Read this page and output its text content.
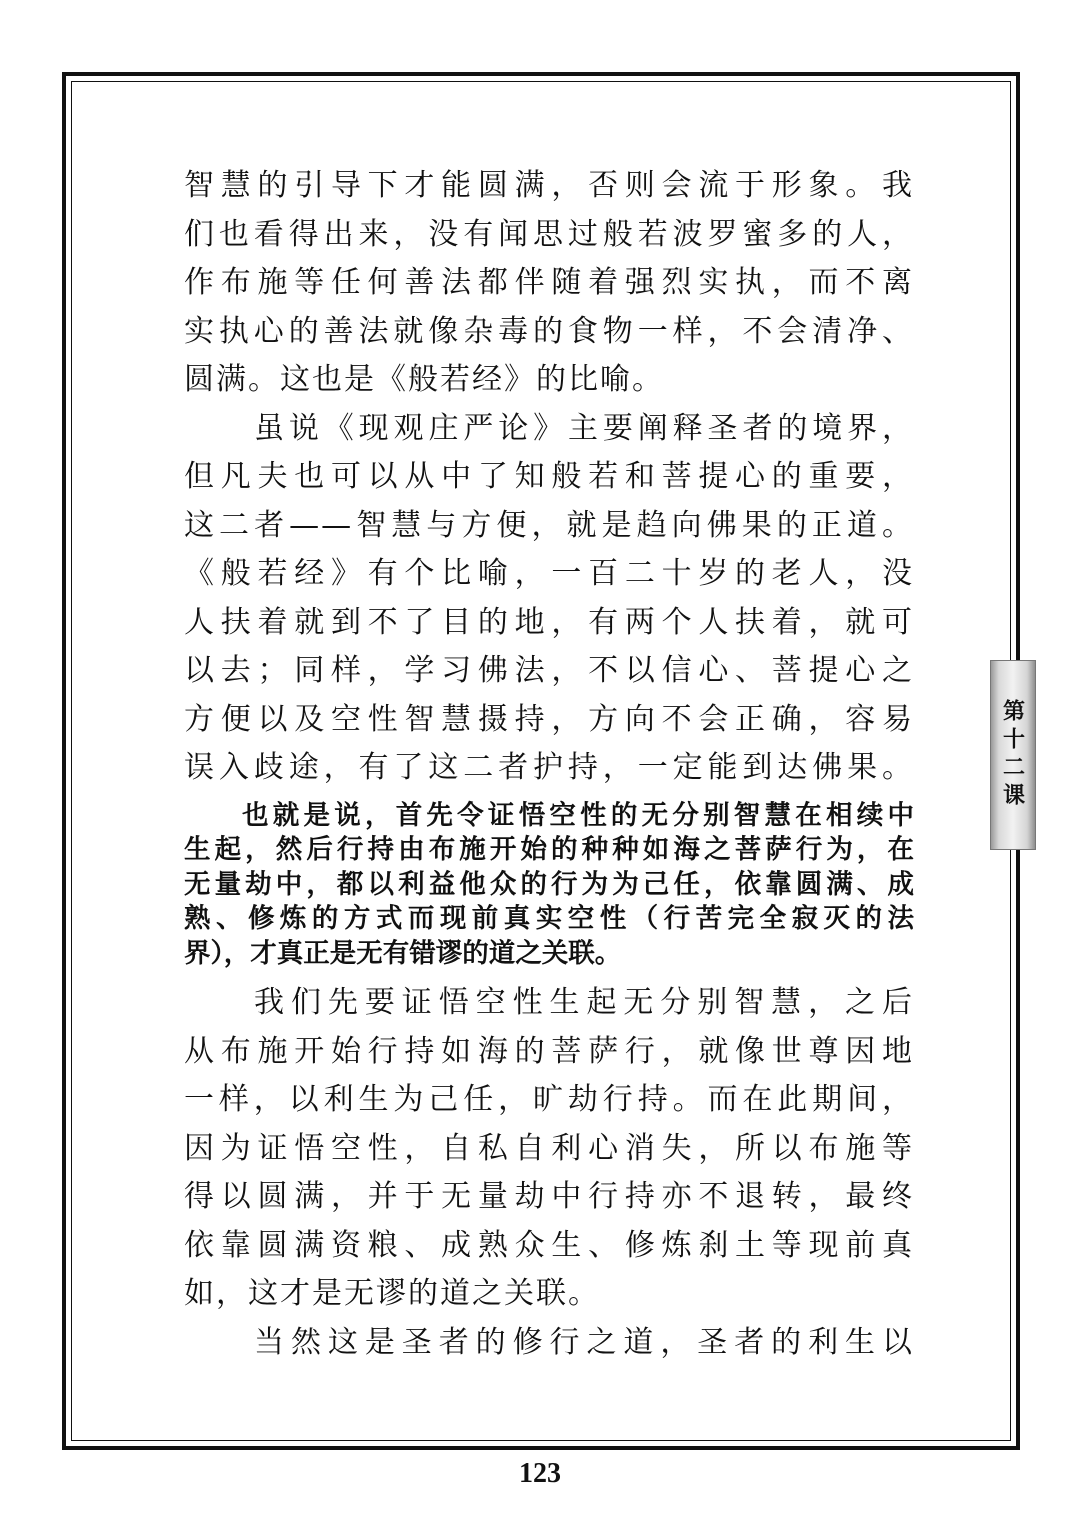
智慧的引导下才能圆满，否则会流于形象。我
们也看得出来，没有闻思过般若波罗蜜多的人，
作布施等任何善法都伴随着强烈实执，而不离
实执心的善法就像杂毒的食物一样，不会清净、
圆满。这也是《般若经》的比喻。
虽说《现观庄严论》主要阐释圣者的境界，
但凡夫也可以从中了知般若和菩提心的重要，
这二者——智慧与方便，就是趋向佛果的正道。
《般若经》有个比喻，一百二十岁的老人，没
人扶着就到不了目的地，有两个人扶着，就可
以去；同样，学习佛法，不以信心、菩提心之
方便以及空性智慧摄持，方向不会正确，容易
误入歧途，有了这二者护持，一定能到达佛果。
也就是说，首先令证悟空性的无分别智慧在相续中
生起，然后行持由布施开始的种种如海之菩萨行为，在
无量劫中，都以利益他众的行为为己任，依靠圆满、成
熟、修炼的方式而现前真实空性（行苦完全寂灭的法
界），才真正是无有错谬的道之关联。
我们先要证悟空性生起无分别智慧，之后
从布施开始行持如海的菩萨行，就像世尊因地
一样，以利生为己任，旷劫行持。而在此期间，
因为证悟空性，自私自利心消失，所以布施等
得以圆满，并于无量劫中行持亦不退转，最终
依靠圆满资粮、成熟众生、修炼刹土等现前真
如，这才是无谬的道之关联。
当然这是圣者的修行之道，圣者的利生以
第十二课
123
